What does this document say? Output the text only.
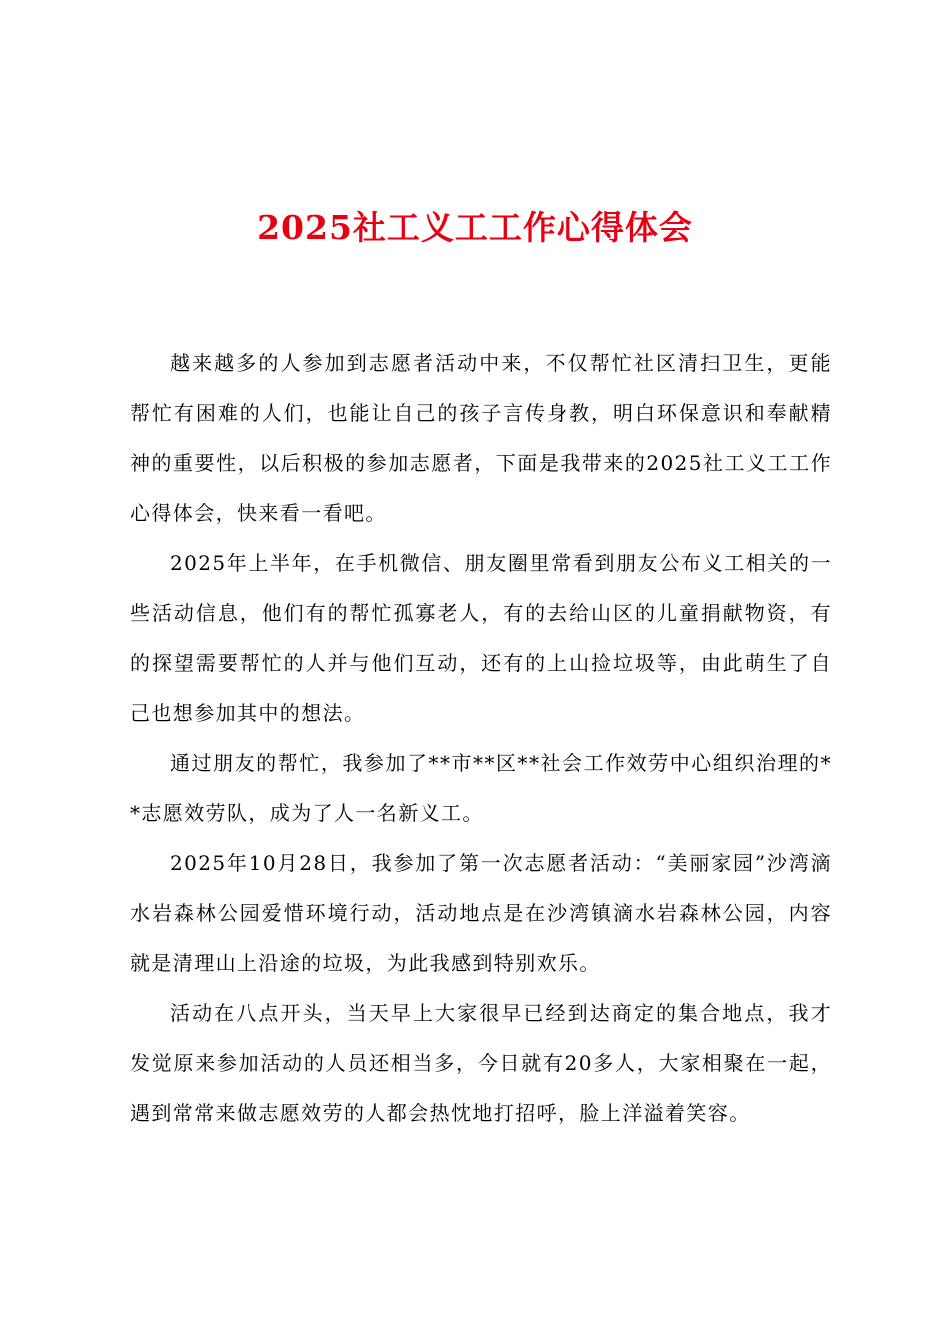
2025社工义工工作心得体会

越来越多的人参加到志愿者活动中来，不仅帮忙社区清扫卫生，更能帮忙有困难的人们，也能让自己的孩子言传身教，明白环保意识和奉献精神的重要性，以后积极的参加志愿者，下面是我带来的2025社工义工工作心得体会，快来看一看吧。

2025年上半年，在手机微信、朋友圈里常看到朋友公布义工相关的一些活动信息，他们有的帮忙孤寡老人，有的去给山区的儿童捐献物资，有的探望需要帮忙的人并与他们互动，还有的上山捡垃圾等，由此萌生了自己也想参加其中的想法。

通过朋友的帮忙，我参加了**市**区**社会工作效劳中心组织治理的**志愿效劳队，成为了人一名新义工。

2025年10月28日，我参加了第一次志愿者活动：“美丽家园”沙湾滴水岩森林公园爱惜环境行动，活动地点是在沙湾镇滴水岩森林公园，内容就是清理山上沿途的垃圾，为此我感到特别欢乐。

活动在八点开头，当天早上大家很早已经到达商定的集合地点，我才发觉原来参加活动的人员还相当多，今日就有20多人，大家相聚在一起，遇到常常来做志愿效劳的人都会热忱地打招呼，脸上洋溢着笑容。
